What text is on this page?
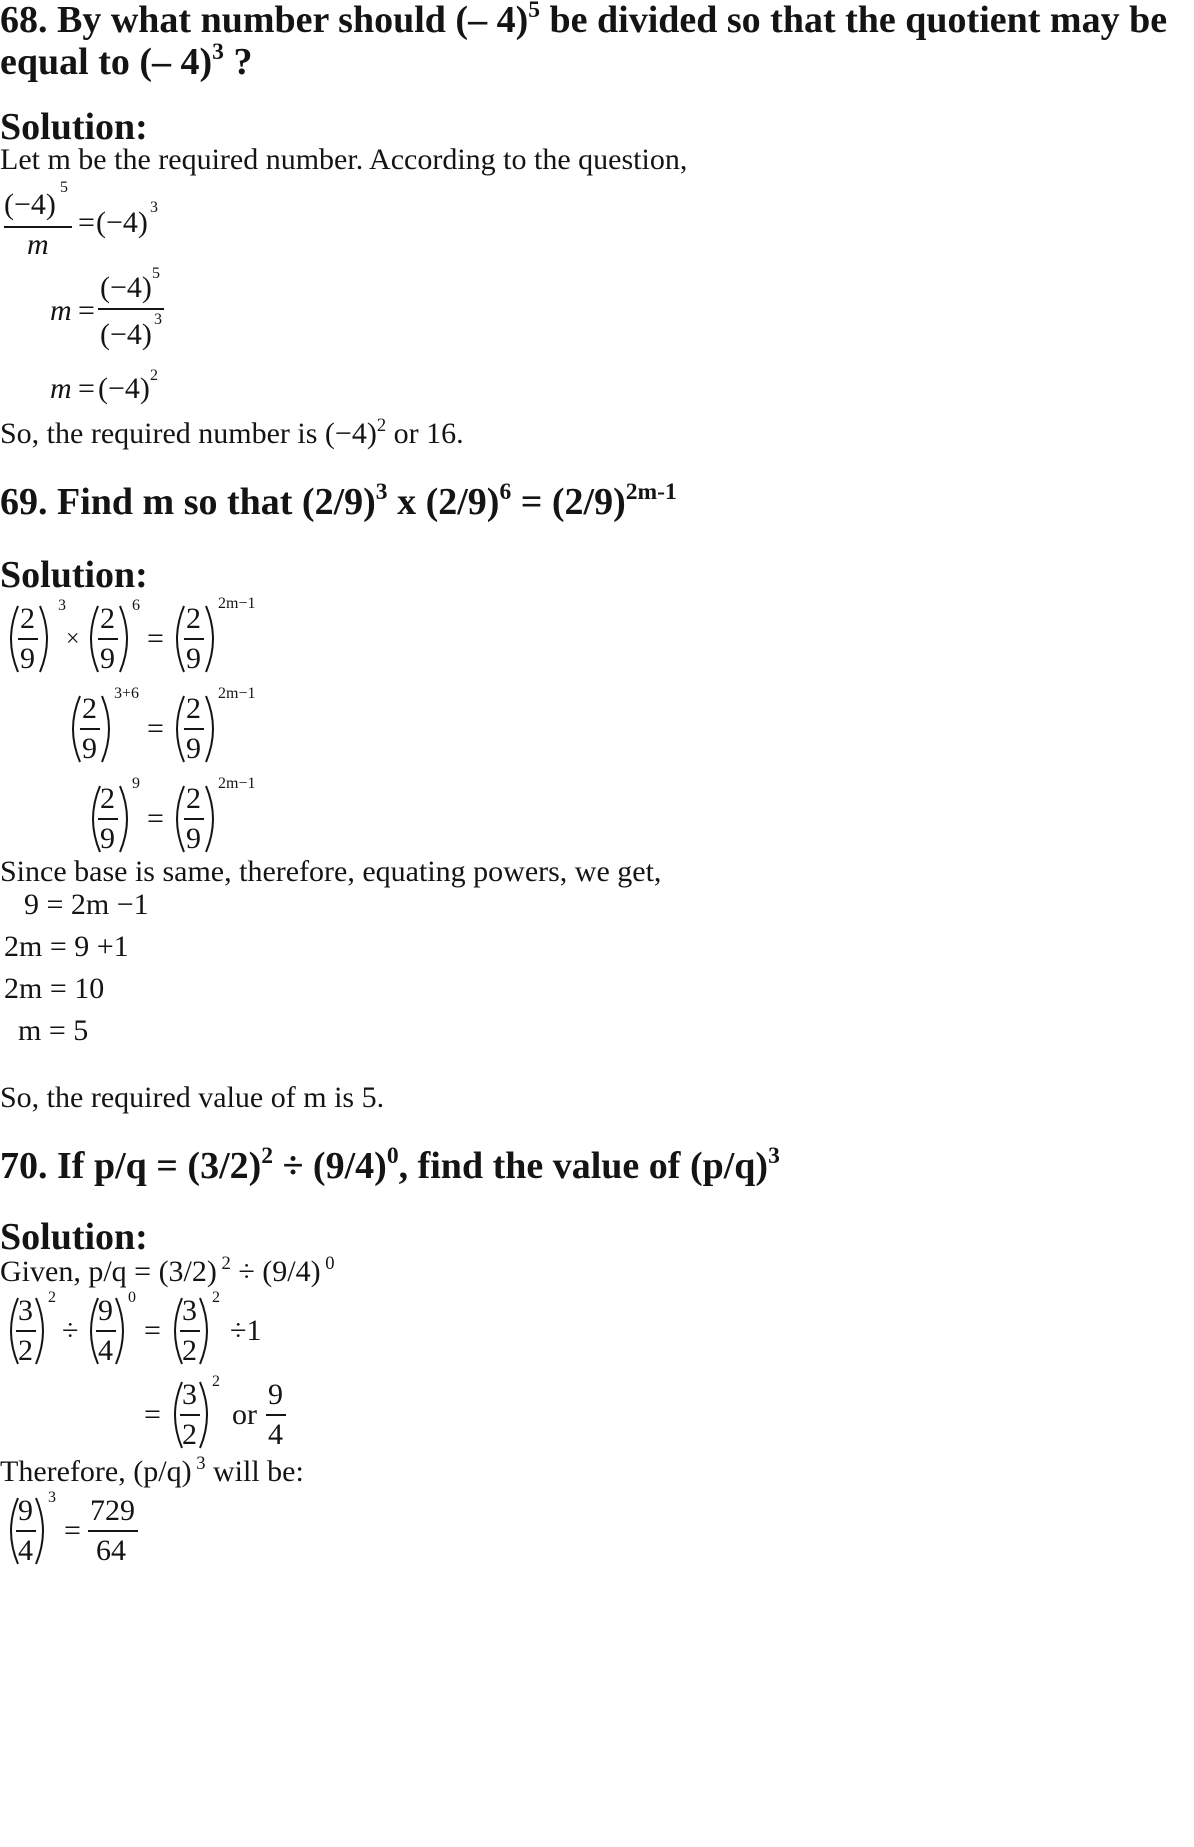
68. By what number should (– 4)$^5$ be divided so that the quotient may be
equal to (– 4)$^3$ ?
Solution:
Let m be the required number. According to the question,
(−4)
5
m
= (−4) 3
m =
(−4) 5
(−4) 3
m = (−4) 2
So, the required number is $(-4)^2$ or 16.
69. Find m so that $(2/9)^3$ x $(2/9)^6 = (2/9)^{2m-1}$
Solution:
2
9
3
×
2
9
6
=
2
9
2m−1
2
9
3+6
=
2
9
2m−1
2
9
9
=
2
9
2m−1
Since base is same, therefore, equating powers, we get,
9 = 2m −1
2m = 9 +1
2m = 10
m = 5
So, the required value of m is 5.
70. If $p/q = (3/2)^2 \div (9/4)^0$, find the value of $(p/q)^3$
Solution:
Given, p/q = (3/2) $^2$ ÷ (9/4) $^0$
3
2
2
÷
9
4
0
=
3
2
2
÷1
=
3
2
2
or
9
4
Therefore, (p/q) $^3$ will be:
9
4
3
=
729
64
